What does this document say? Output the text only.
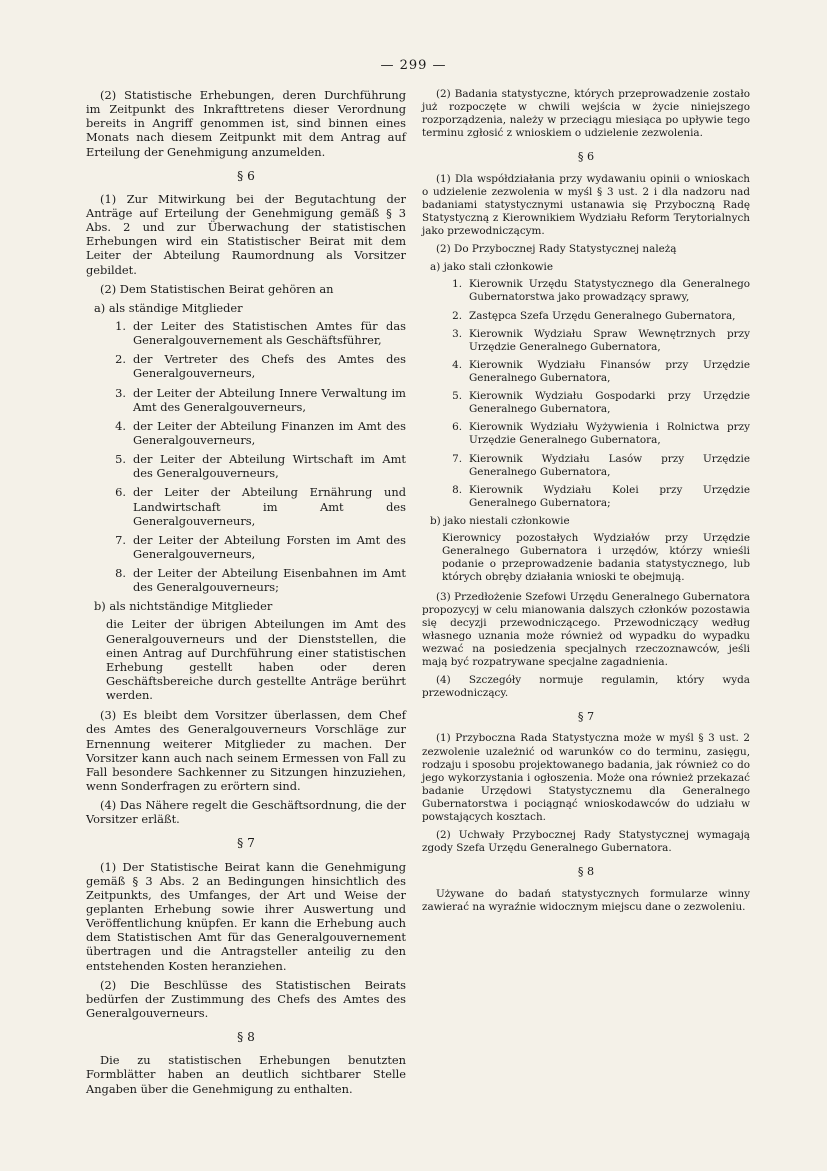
— 299 —

(2) Statistische Erhebungen, deren Durchführung im Zeitpunkt des Inkrafttretens dieser Verordnung bereits in Angriff genommen ist, sind binnen eines Monats nach diesem Zeitpunkt mit dem Antrag auf Erteilung der Genehmigung anzumelden.

§ 6

(1) Zur Mitwirkung bei der Begutachtung der Anträge auf Erteilung der Genehmigung gemäß § 3 Abs. 2 und zur Überwachung der statistischen Erhebungen wird ein Statistischer Beirat mit dem Leiter der Abteilung Raumordnung als Vorsitzer gebildet.

(2) Dem Statistischen Beirat gehören an

a) als ständige Mitglieder

1. der Leiter des Statistischen Amtes für das Generalgouvernement als Geschäftsführer,
2. der Vertreter des Chefs des Amtes des Generalgouverneurs,
3. der Leiter der Abteilung Innere Verwaltung im Amt des Generalgouverneurs,
4. der Leiter der Abteilung Finanzen im Amt des Generalgouverneurs,
5. der Leiter der Abteilung Wirtschaft im Amt des Generalgouverneurs,
6. der Leiter der Abteilung Ernährung und Landwirtschaft im Amt des Generalgouverneurs,
7. der Leiter der Abteilung Forsten im Amt des Generalgouverneurs,
8. der Leiter der Abteilung Eisenbahnen im Amt des Generalgouverneurs;

b) als nichtständige Mitglieder

die Leiter der übrigen Abteilungen im Amt des Generalgouverneurs und der Dienststellen, die einen Antrag auf Durchführung einer statistischen Erhebung gestellt haben oder deren Geschäftsbereiche durch gestellte Anträge berührt werden.

(3) Es bleibt dem Vorsitzer überlassen, dem Chef des Amtes des Generalgouverneurs Vorschläge zur Ernennung weiterer Mitglieder zu machen. Der Vorsitzer kann auch nach seinem Ermessen von Fall zu Fall besondere Sachkenner zu Sitzungen hinzuziehen, wenn Sonderfragen zu erörtern sind.

(4) Das Nähere regelt die Geschäftsordnung, die der Vorsitzer erläßt.

§ 7

(1) Der Statistische Beirat kann die Genehmigung gemäß § 3 Abs. 2 an Bedingungen hinsichtlich des Zeitpunkts, des Umfanges, der Art und Weise der geplanten Erhebung sowie ihrer Auswertung und Veröffentlichung knüpfen. Er kann die Erhebung auch dem Statistischen Amt für das Generalgouvernement übertragen und die Antragsteller anteilig zu den entstehenden Kosten heranziehen.

(2) Die Beschlüsse des Statistischen Beirats bedürfen der Zustimmung des Chefs des Amtes des Generalgouverneurs.

§ 8

Die zu statistischen Erhebungen benutzten Formblätter haben an deutlich sichtbarer Stelle Angaben über die Genehmigung zu enthalten.

(2) Badania statystyczne, których przeprowadzenie zostało już rozpoczęte w chwili wejścia w życie niniejszego rozporządzenia, należy w przeciągu miesiąca po upływie tego terminu zgłosić z wnioskiem o udzielenie zezwolenia.

§ 6

(1) Dla współdziałania przy wydawaniu opinii o wnioskach o udzielenie zezwolenia w myśl § 3 ust. 2 i dla nadzoru nad badaniami statystycznymi ustanawia się Przyboczną Radę Statystyczną z Kierownikiem Wydziału Reform Terytorialnych jako przewodniczącym.

(2) Do Przybocznej Rady Statystycznej należą

a) jako stali członkowie

1. Kierownik Urzędu Statystycznego dla Generalnego Gubernatorstwa jako prowadzący sprawy,
2. Zastępca Szefa Urzędu Generalnego Gubernatora,
3. Kierownik Wydziału Spraw Wewnętrznych przy Urzędzie Generalnego Gubernatora,
4. Kierownik Wydziału Finansów przy Urzędzie Generalnego Gubernatora,
5. Kierownik Wydziału Gospodarki przy Urzędzie Generalnego Gubernatora,
6. Kierownik Wydziału Wyżywienia i Rolnictwa przy Urzędzie Generalnego Gubernatora,
7. Kierownik Wydziału Lasów przy Urzędzie Generalnego Gubernatora,
8. Kierownik Wydziału Kolei przy Urzędzie Generalnego Gubernatora;

b) jako niestali członkowie

Kierownicy pozostałych Wydziałów przy Urzędzie Generalnego Gubernatora i urzędów, którzy wnieśli podanie o przeprowadzenie badania statystycznego, lub których obręby działania wnioski te obejmują.

(3) Przedłożenie Szefowi Urzędu Generalnego Gubernatora propozycyj w celu mianowania dalszych członków pozostawia się decyzji przewodniczącego. Przewodniczący według własnego uznania może również od wypadku do wypadku wezwać na posiedzenia specjalnych rzeczoznawców, jeśli mają być rozpatrywane specjalne zagadnienia.

(4) Szczegóły normuje regulamin, który wyda przewodniczący.

§ 7

(1) Przyboczna Rada Statystyczna może w myśl § 3 ust. 2 zezwolenie uzależnić od warunków co do terminu, zasięgu, rodzaju i sposobu projektowanego badania, jak również co do jego wykorzystania i ogłoszenia. Może ona również przekazać badanie Urzędowi Statystycznemu dla Generalnego Gubernatorstwa i pociągnąć wnioskodawców do udziału w powstających kosztach.

(2) Uchwały Przybocznej Rady Statystycznej wymagają zgody Szefa Urzędu Generalnego Gubernatora.

§ 8

Używane do badań statystycznych formularze winny zawierać na wyraźnie widocznym miejscu dane o zezwoleniu.
